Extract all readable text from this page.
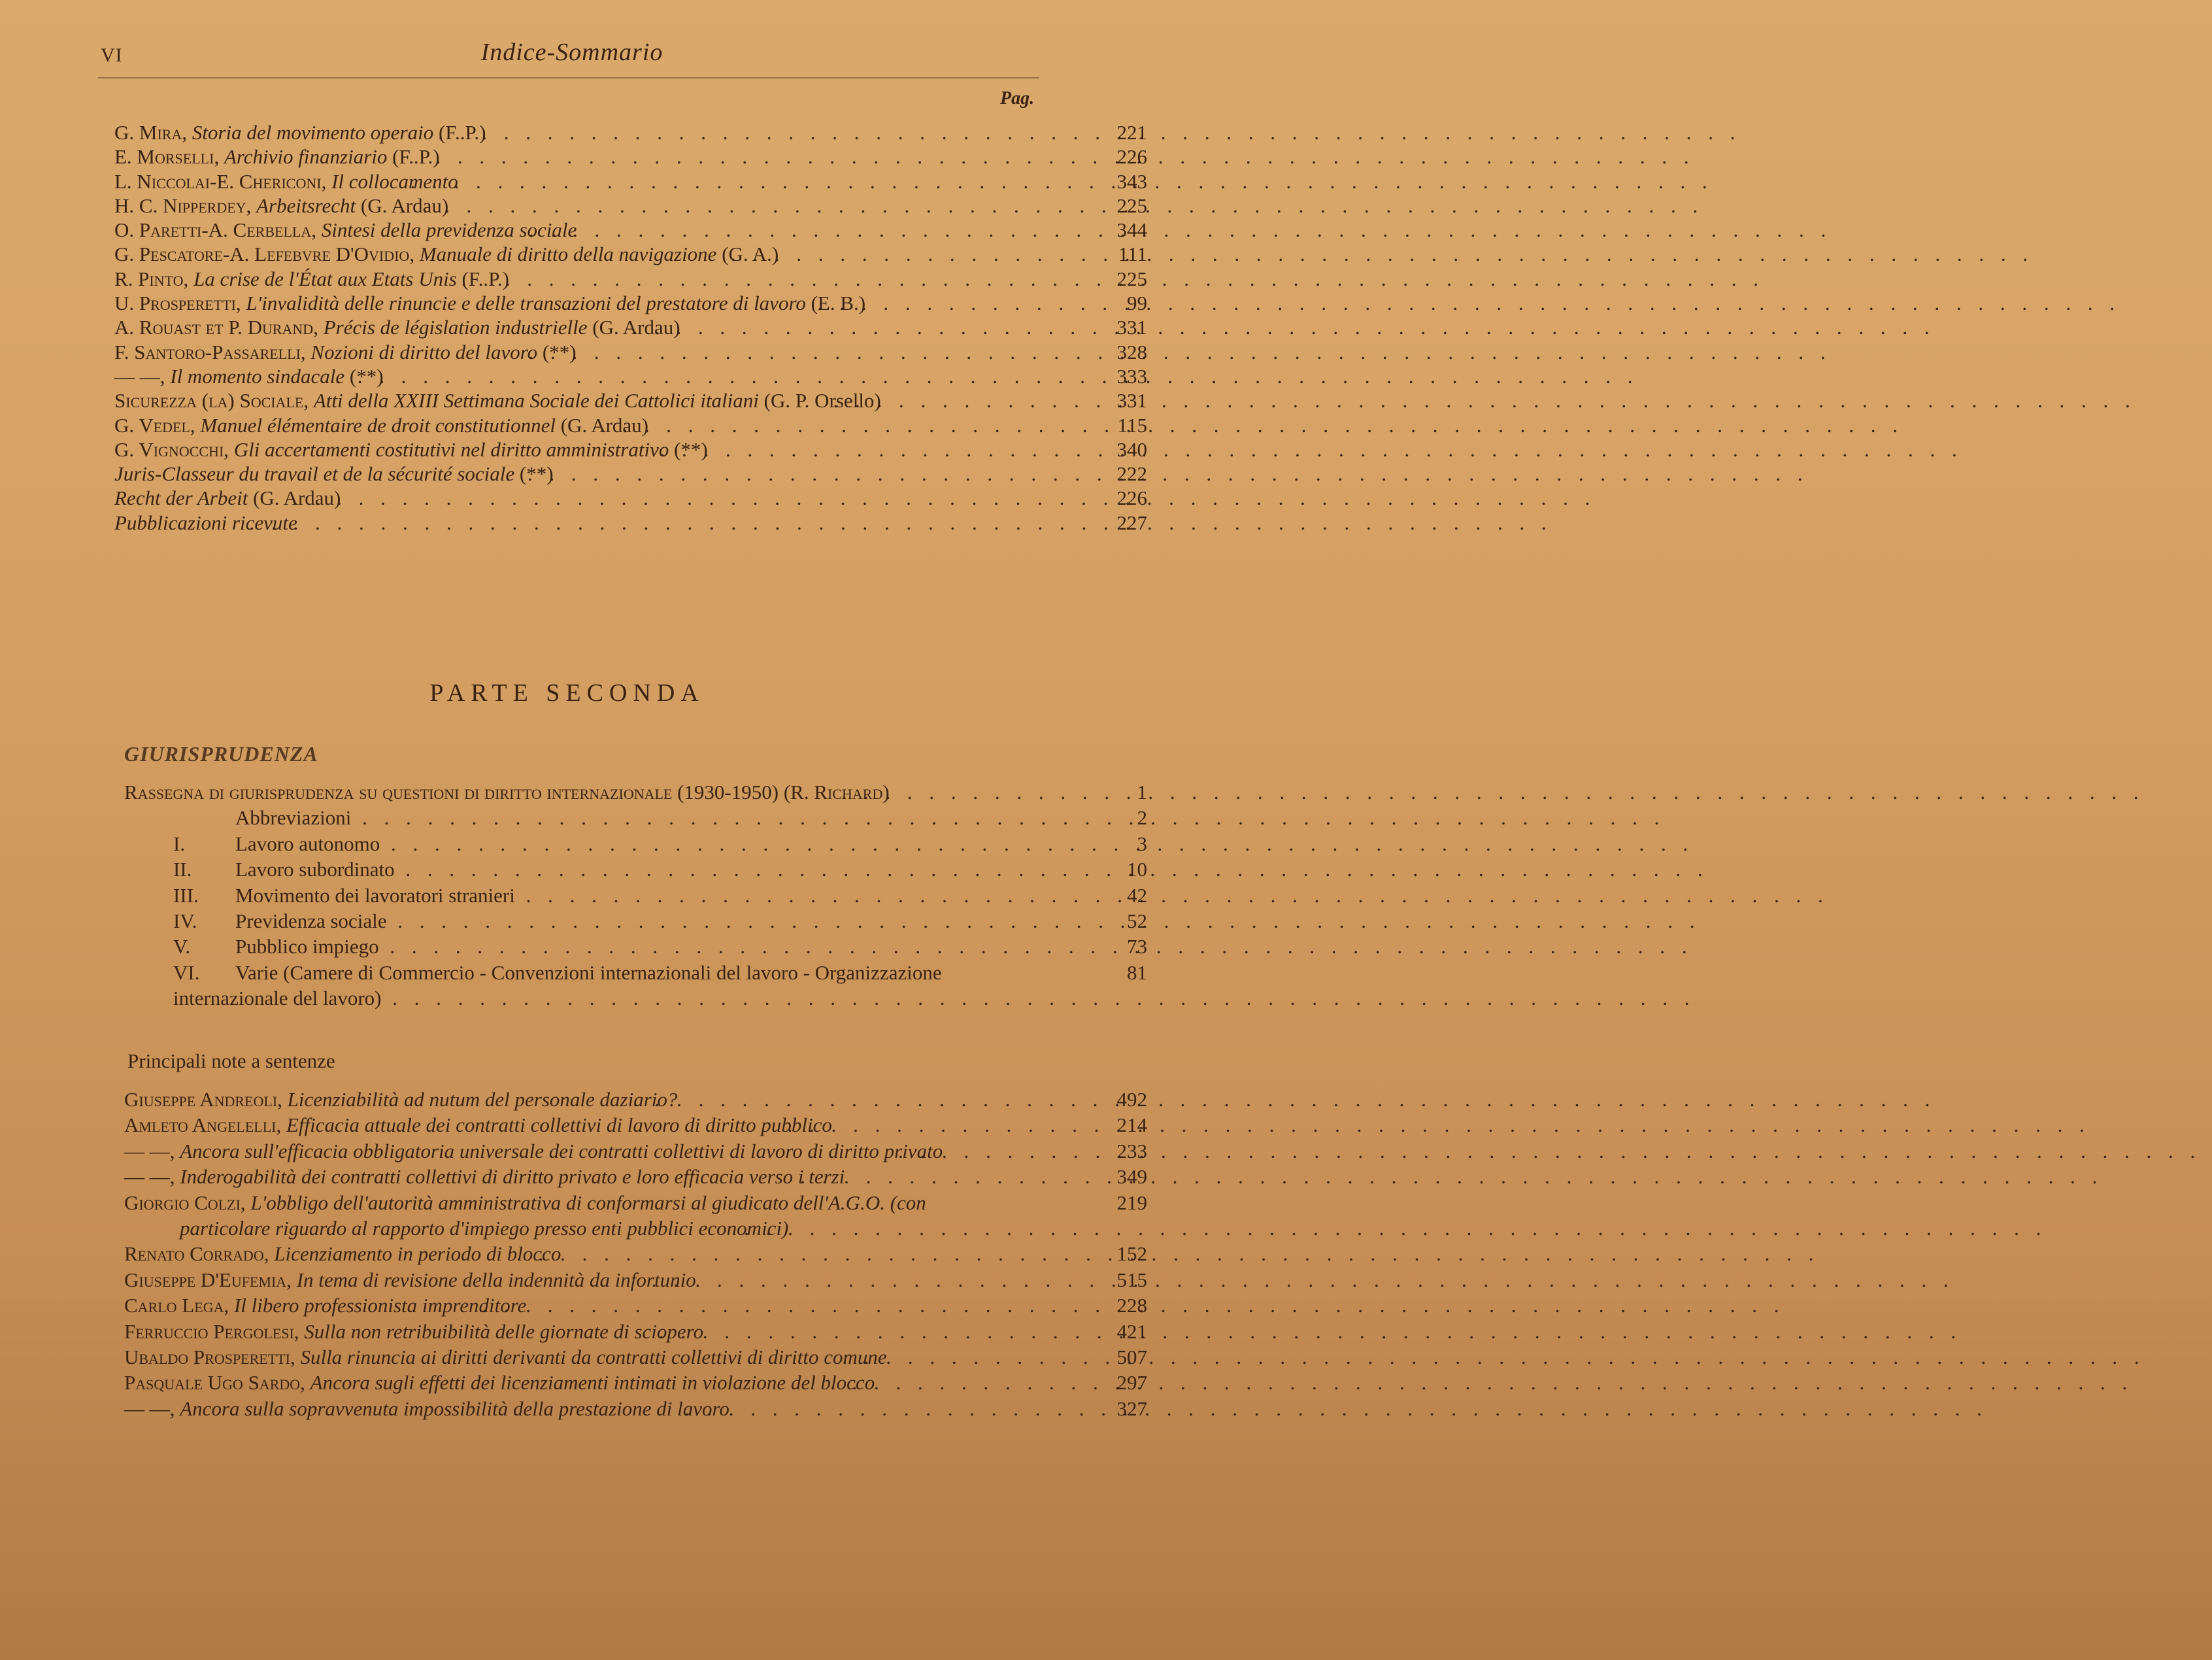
VI	Indice-Sommario
Pag.
221
G. Mira, Storia del movimento operaio (F. P.)
226
E. Morselli, Archivio finanziario (F. P.)
343
L. Niccolai-E. Chericoni, Il collocamento
225
H. C. Nipperdey, Arbeitsrecht (G. Ardau)
344
O. Paretti-A. Cerbella, Sintesi della previdenza sociale
111
G. Pescatore-A. Lefebvre D'Ovidio, Manuale di diritto della navigazione (G. A.)
225
R. Pinto, La crise de l'État aux Etats Unis (F. P.)
99
U. Prosperetti, L'invalidità delle rinuncie e delle transazioni del prestatore di lavoro (E. B.)
331
A. Rouast et P. Durand, Précis de législation industrielle (G. Ardau)
328
F. Santoro-Passarelli, Nozioni di diritto del lavoro (**)
333
— —, Il momento sindacale (**)
331
Sicurezza (la) Sociale, Atti della XXIII Settimana Sociale dei Cattolici italiani (G. P. Orsello)
115
G. Vedel, Manuel élémentaire de droit constitutionnel (G. Ardau)
340
G. Vignocchi, Gli accertamenti costitutivi nel diritto amministrativo (**)
222
Juris-Classeur du travail et de la sécurité sociale (**)
226
Recht der Arbeit (G. Ardau)
227
Pubblicazioni ricevute
PARTE SECONDA
GIURISPRUDENZA
1
Rassegna di giurisprudenza su questioni di diritto internazionale (1930-1950) (R. Richard)
2
Abbreviazioni
3
I. Lavoro autonomo
10
II. Lavoro subordinato
42
III. Movimento dei lavoratori stranieri
52
IV. Previdenza sociale
73
V. Pubblico impiego
81
VI. Varie (Camere di Commercio - Convenzioni internazionali del lavoro - Organizzazione internazionale del lavoro)
Principali note a sentenze
492
Giuseppe Andreoli, Licenziabilità ad nutum del personale daziario?
214
Amleto Angelelli, Efficacia attuale dei contratti collettivi di lavoro di diritto pubblico
233
— —, Ancora sull'efficacia obbligatoria universale dei contratti collettivi di lavoro di diritto privato
349
— —, Inderogabilità dei contratti collettivi di diritto privato e loro efficacia verso i terzi
219
Giorgio Colzi, L'obbligo dell'autorità amministrativa di conformarsi al giudicato dell'A.G.O. (con particolare riguardo al rapporto d'impiego presso enti pubblici economici)
152
Renato Corrado, Licenziamento in periodo di blocco
515
Giuseppe D'Eufemia, In tema di revisione della indennità da infortunio
228
Carlo Lega, Il libero professionista imprenditore
421
Ferruccio Pergolesi, Sulla non retribuibilità delle giornate di sciopero
507
Ubaldo Prosperetti, Sulla rinuncia ai diritti derivanti da contratti collettivi di diritto comune
297
Pasquale Ugo Sardo, Ancora sugli effetti dei licenziamenti intimati in violazione del blocco
327
— —, Ancora sulla sopravvenuta impossibilità della prestazione di lavoro
